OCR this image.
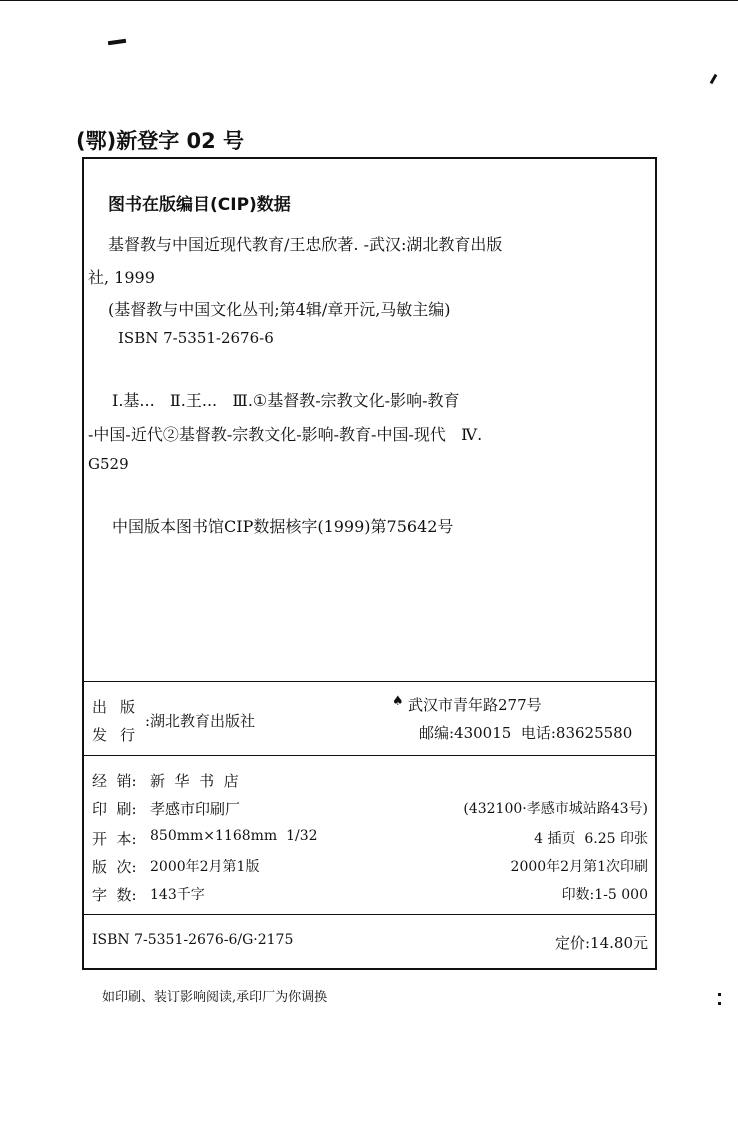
(鄂)新登字 02 号
图书在版编目(CIP)数据
基督教与中国近现代教育/王忠欣著. -武汉:湖北教育出版
社, 1999
(基督教与中国文化丛刊;第4辑/章开沅,马敏主编)
ISBN 7-5351-2676-6
Ⅰ.基...   Ⅱ.王...   Ⅲ.①基督教-宗教文化-影响-教育
-中国-近代②基督教-宗教文化-影响-教育-中国-现代   Ⅳ.
G529
中国版本图书馆CIP数据核字(1999)第75642号
出 版
发 行
:湖北教育出版社
♠ 武汉市青年路277号
邮编:430015  电话:83625580
经  销: 新  华  书  店
印  刷: 孝感市印刷厂	(432100·孝感市城站路43号)
开  本: 850mm×1168mm  1/32	4 插页  6.25 印张
版  次: 2000年2月第1版	2000年2月第1次印刷
字  数: 143千字	印数:1-5 000
ISBN 7-5351-2676-6/G·2175	定价:14.80元
如印刷、装订影响阅读,承印厂为你调换
